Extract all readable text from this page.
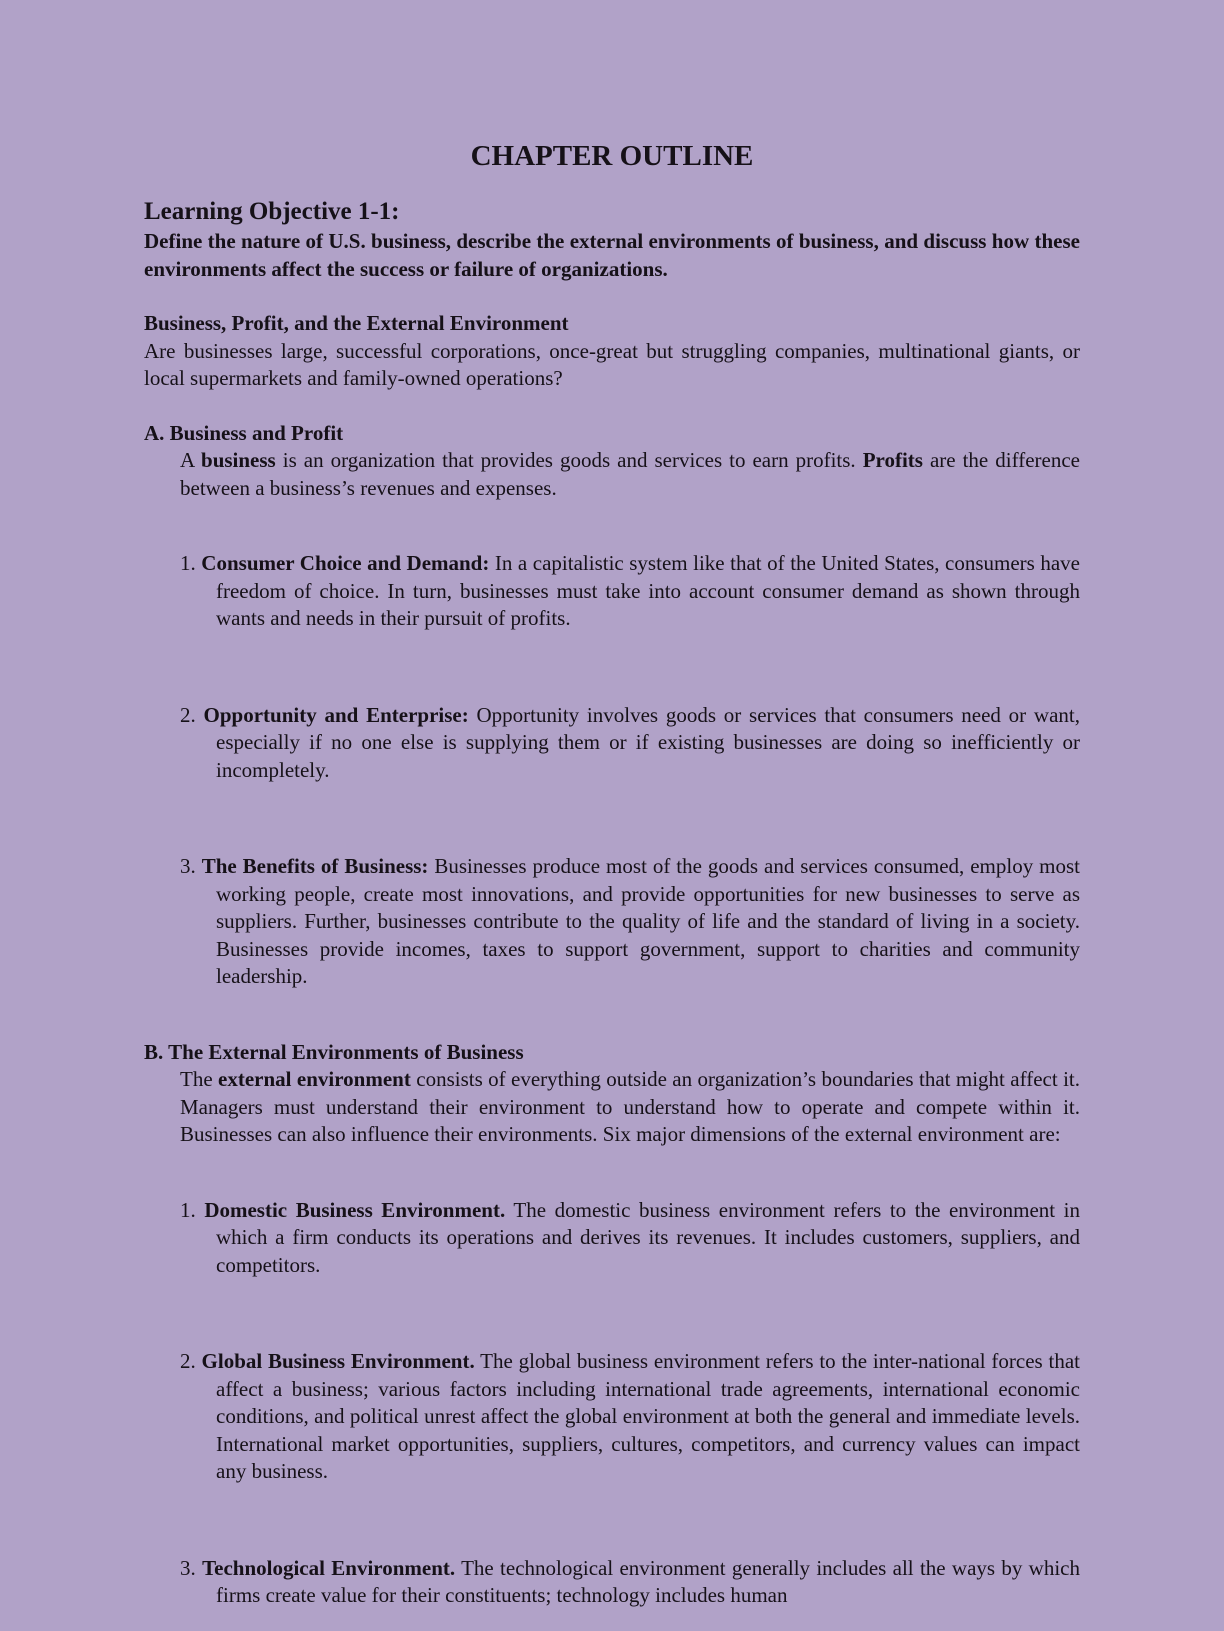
CHAPTER OUTLINE
Learning Objective 1-1:

Define the nature of U.S. business, describe the external environments of business, and discuss how these environments affect the success or failure of organizations.

Business, Profit, and the External Environment

Are businesses large, successful corporations, once-great but struggling companies, multinational giants, or local supermarkets and family-owned operations?

A. Business and Profit

A business is an organization that provides goods and services to earn profits. Profits are the difference between a business’s revenues and expenses.

1. Consumer Choice and Demand: In a capitalistic system like that of the United States, consumers have freedom of choice. In turn, businesses must take into account consumer demand as shown through wants and needs in their pursuit of profits.

2. Opportunity and Enterprise: Opportunity involves goods or services that consumers need or want, especially if no one else is supplying them or if existing businesses are doing so inefficiently or incompletely.

3. The Benefits of Business: Businesses produce most of the goods and services consumed, employ most working people, create most innovations, and provide opportunities for new businesses to serve as suppliers. Further, businesses contribute to the quality of life and the standard of living in a society. Businesses provide incomes, taxes to support government, support to charities and community leadership.

B. The External Environments of Business

The external environment consists of everything outside an organization’s boundaries that might affect it. Managers must understand their environment to understand how to operate and compete within it. Businesses can also influence their environments. Six major dimensions of the external environment are:

1. Domestic Business Environment. The domestic business environment refers to the environment in which a firm conducts its operations and derives its revenues. It includes customers, suppliers, and competitors.

2. Global Business Environment. The global business environment refers to the inter-national forces that affect a business; various factors including international trade agreements, international economic conditions, and political unrest affect the global environment at both the general and immediate levels. International market opportunities, suppliers, cultures, competitors, and currency values can impact any business.

3. Technological Environment. The technological environment generally includes all the ways by which firms create value for their constituents; technology includes human
